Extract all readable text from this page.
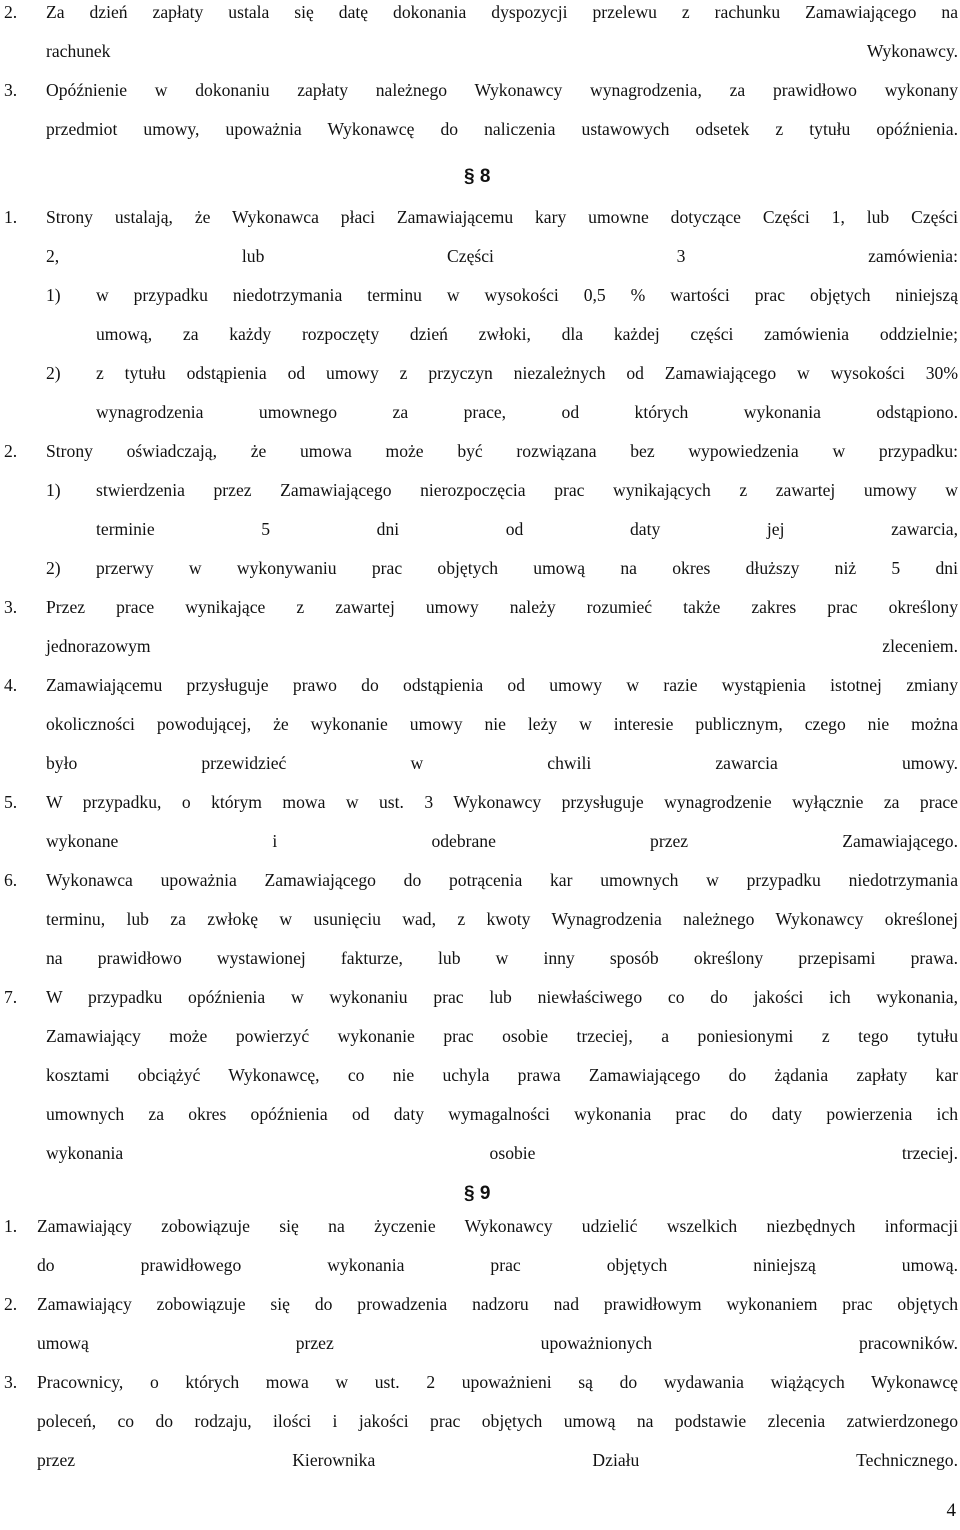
2. Za dzień zapłaty ustala się datę dokonania dyspozycji przelewu z rachunku Zamawiającego na
rachunek Wykonawcy.
3. Opóźnienie w dokonaniu zapłaty należnego Wykonawcy wynagrodzenia, za prawidłowo wykonany
przedmiot umowy, upoważnia Wykonawcę do naliczenia ustawowych odsetek z tytułu opóźnienia.
§ 8
1. Strony ustalają, że Wykonawca płaci Zamawiającemu kary umowne dotyczące Części 1, lub Części
2, lub Części 3 zamówienia:
1) w przypadku niedotrzymania terminu w wysokości 0,5 % wartości prac objętych niniejszą
umową, za każdy rozpoczęty dzień zwłoki, dla każdej części zamówienia oddzielnie;
2) z tytułu odstąpienia od umowy z przyczyn niezależnych od Zamawiającego w wysokości 30%
wynagrodzenia umownego za prace, od których wykonania odstąpiono.
2. Strony oświadczają, że umowa może być rozwiązana bez wypowiedzenia w przypadku:
1) stwierdzenia przez Zamawiającego nierozpoczęcia prac wynikających z zawartej umowy w
terminie 5 dni od daty jej zawarcia,
2) przerwy w wykonywaniu prac objętych umową na okres dłuższy niż 5 dni
3. Przez prace wynikające z zawartej umowy należy rozumieć także zakres prac określony
jednorazowym zleceniem.
4. Zamawiającemu przysługuje prawo do odstąpienia od umowy w razie wystąpienia istotnej zmiany
okoliczności powodującej, że wykonanie umowy nie leży w interesie publicznym, czego nie można
było przewidzieć w chwili zawarcia umowy.
5. W przypadku, o którym mowa w ust. 3 Wykonawcy przysługuje wynagrodzenie wyłącznie za prace
wykonane i odebrane przez Zamawiającego.
6. Wykonawca upoważnia Zamawiającego do potrącenia kar umownych w przypadku niedotrzymania
terminu, lub za zwłokę w usunięciu wad, z kwoty Wynagrodzenia należnego Wykonawcy określonej
na prawidłowo wystawionej fakturze, lub w inny sposób określony przepisami prawa.
7. W przypadku opóźnienia w wykonaniu prac lub niewłaściwego co do jakości ich wykonania,
Zamawiający może powierzyć wykonanie prac osobie trzeciej, a poniesionymi z tego tytułu
kosztami obciążyć Wykonawcę, co nie uchyla prawa Zamawiającego do żądania zapłaty kar
umownych za okres opóźnienia od daty wymagalności wykonania prac do daty powierzenia ich
wykonania osobie trzeciej.
§ 9
1. Zamawiający zobowiązuje się na życzenie Wykonawcy udzielić wszelkich niezbędnych informacji
do prawidłowego wykonania prac objętych niniejszą umową.
2. Zamawiający zobowiązuje się do prowadzenia nadzoru nad prawidłowym wykonaniem prac objętych
umową przez upoważnionych pracowników.
3. Pracownicy, o których mowa w ust. 2 upoważnieni są do wydawania wiążących Wykonawcę
poleceń, co do rodzaju, ilości i jakości prac objętych umową na podstawie zlecenia zatwierdzonego
przez Kierownika Działu Technicznego.
4
